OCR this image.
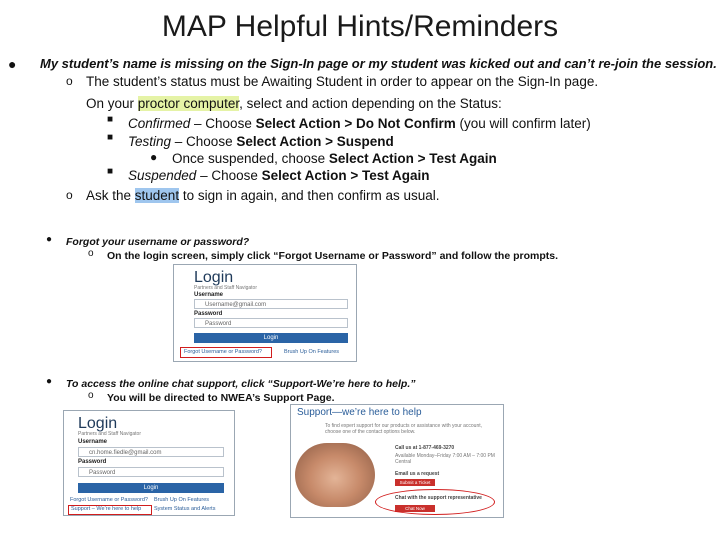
MAP Helpful Hints/Reminders
● My student’s name is missing on the Sign-In page or my student was kicked out and can’t re-join the session.
o The student’s status must be Awaiting Student in order to appear on the Sign-In page.
On your proctor computer, select and action depending on the Status:
■ Confirmed – Choose Select Action > Do Not Confirm (you will confirm later)
■ Testing – Choose Select Action > Suspend
● Once suspended, choose Select Action > Test Again
■ Suspended – Choose Select Action > Test Again
o Ask the student to sign in again, and then confirm as usual.
● Forgot your username or password?
o On the login screen, simply click “Forgot Username or Password” and follow the prompts.
Login
Partners and Staff Navigator
Username
Username@gmail.com
Password
Password
Login
Forgot Username or Password?	Brush Up On Features
● To access the online chat support, click “Support-We’re here to help.”
o You will be directed to NWEA’s Support Page.
Login
Partners and Staff Navigator
Username
cn.home.fiedle@gmail.com
Password
Password
Login
Forgot Username or Password? Brush Up On Features
Support – We’re here to help System Status and Alerts
Support—we’re here to help
To find expert support for our products or assistance with your account, choose one of the contact options below.
Call us at 1-877-469-3270
Available Monday–Friday 7:00 AM – 7:00 PM Central
Email us a request
Submit a Ticket
Chat with the support representative
Chat Now
